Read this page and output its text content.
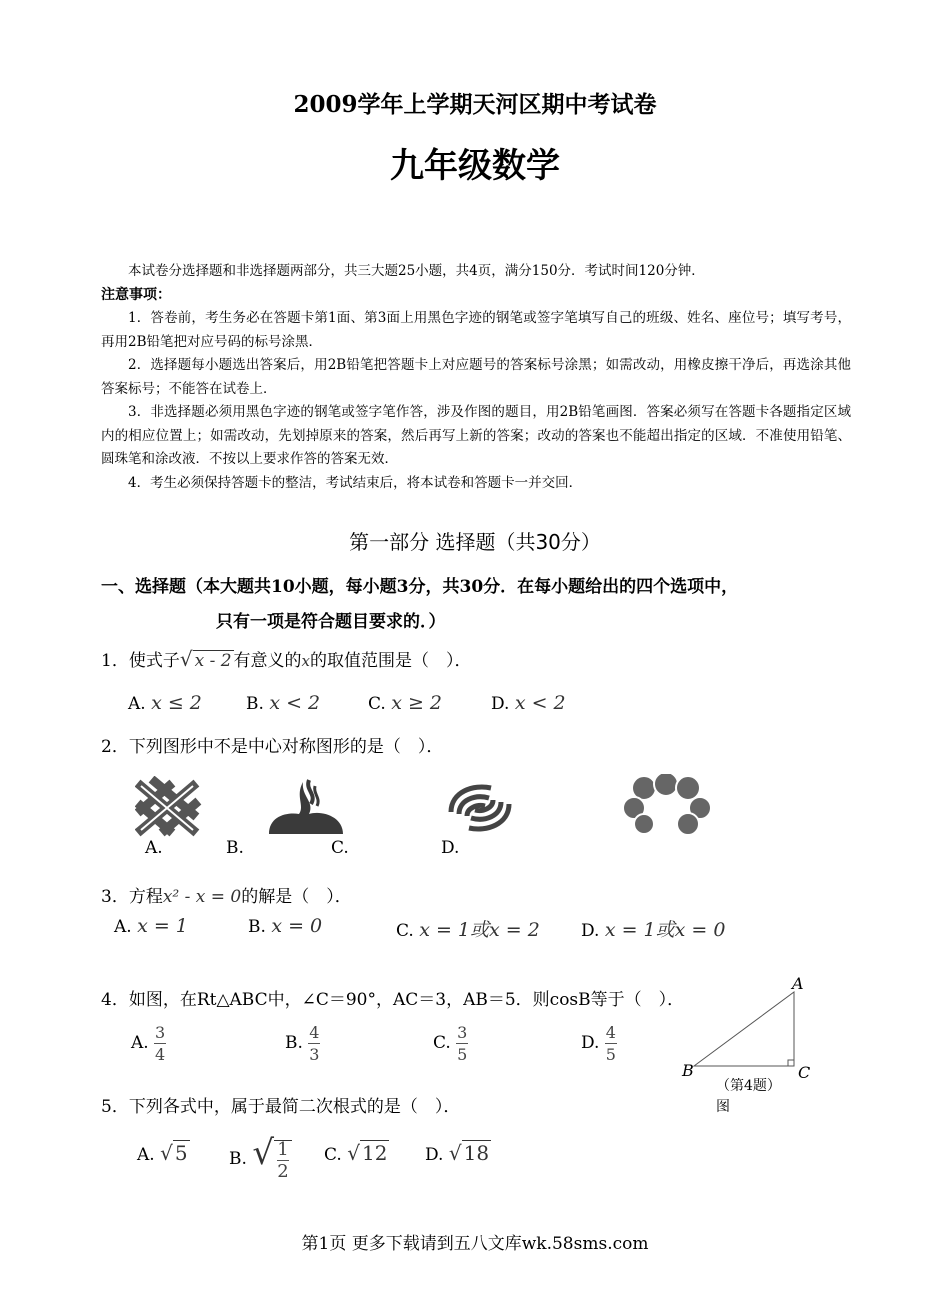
2009学年上学期天河区期中考试卷
九年级数学

本试卷分选择题和非选择题两部分，共三大题25小题，共4页，满分150分．考试时间120分钟．

注意事项：

1．答卷前，考生务必在答题卡第1面、第3面上用黑色字迹的钢笔或签字笔填写自己的班级、姓名、座位号；填写考号，再用2B铅笔把对应号码的标号涂黑．

2．选择题每小题选出答案后，用2B铅笔把答题卡上对应题号的答案标号涂黑；如需改动，用橡皮擦干净后，再选涂其他答案标号；不能答在试卷上．

3．非选择题必须用黑色字迹的钢笔或签字笔作答，涉及作图的题目，用2B铅笔画图．答案必须写在答题卡各题指定区域内的相应位置上；如需改动，先划掉原来的答案，然后再写上新的答案；改动的答案也不能超出指定的区域．不准使用铅笔、圆珠笔和涂改液．不按以上要求作答的答案无效．

4．考生必须保持答题卡的整洁，考试结束后，将本试卷和答题卡一并交回．

第一部分 选择题（共30分）
一、选择题（本大题共10小题，每小题3分，共30分．在每小题给出的四个选项中，
只有一项是符合题目要求的．）
1．使式子√ x - 2 有意义的x的取值范围是（　）．
A. x ≤ 2	B. x < 2	C. x ≥ 2	D. x < 2
2．下列图形中不是中心对称图形的是（　）．
A.	B.	C.	D.
3．方程x² - x = 0的解是（　）．
A. x = 1	B. x = 0	C. x = 1或x = 2 D. x = 1或x = 0
4．如图，在Rt△ABC中，∠C＝90°，AC＝3，AB＝5．则cosB等于（　）．
A. $\frac{3}{4}$	B. $\frac{4}{3}$	C. $\frac{3}{5}$	D. $\frac{4}{5}$
A
B	C
（第4题）
图
5．下列各式中，属于最简二次根式的是（　）．
A. √ 5 B. √ $\frac{1}{2} C$. √ 12 D. √ 18
第1页 更多下载请到五八文库wk.58sms.com
